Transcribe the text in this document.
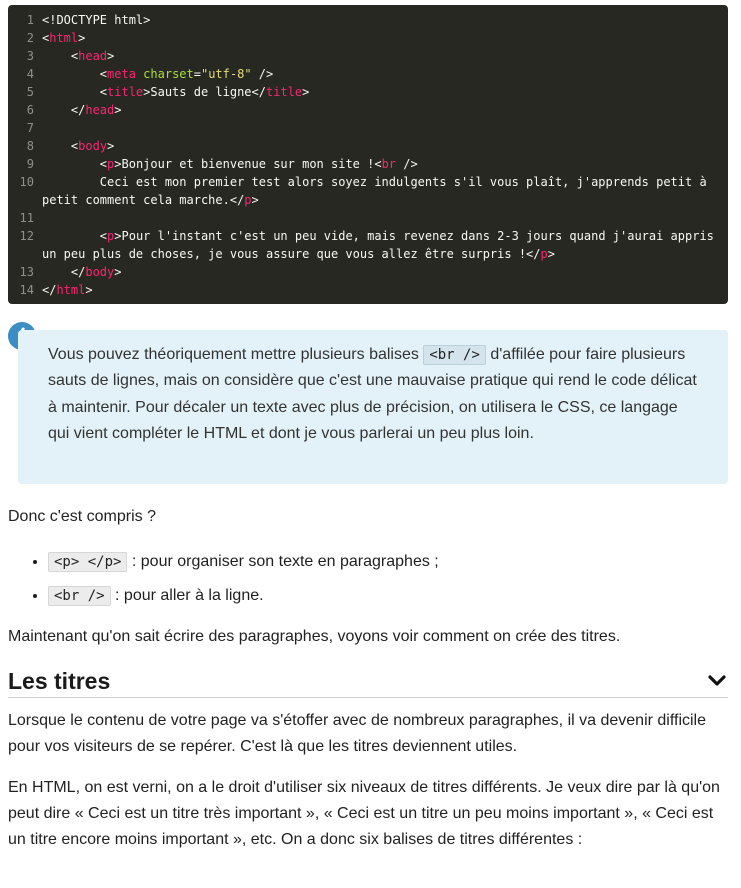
1 <!DOCTYPE html>
2 <html>
3 <head>
4 <meta charset="utf-8" />
5 <title>Sauts de ligne</title>
6 </head>
7
8 <body>
9 <p>Bonjour et bienvenue sur mon site !<br />
10 Ceci est mon premier test alors soyez indulgents s'il vous plaît, j'apprends petit à petit comment cela marche.</p>
11
12 <p>Pour l'instant c'est un peu vide, mais revenez dans 2-3 jours quand j'aurai appris un peu plus de choses, je vous assure que vous allez être surpris !</p>
13 </body>
14 </html>
Vous pouvez théoriquement mettre plusieurs balises <br /> d'affilée pour faire plusieurs sauts de lignes, mais on considère que c'est une mauvaise pratique qui rend le code délicat à maintenir. Pour décaler un texte avec plus de précision, on utilisera le CSS, ce langage qui vient compléter le HTML et dont je vous parlerai un peu plus loin.

Donc c'est compris ?

• <p> </p> : pour organiser son texte en paragraphes ;
• <br /> : pour aller à la ligne.

Maintenant qu'on sait écrire des paragraphes, voyons voir comment on crée des titres.

Les titres

Lorsque le contenu de votre page va s'étoffer avec de nombreux paragraphes, il va devenir difficile pour vos visiteurs de se repérer. C'est là que les titres deviennent utiles.

En HTML, on est verni, on a le droit d'utiliser six niveaux de titres différents. Je veux dire par là qu'on peut dire « Ceci est un titre très important », « Ceci est un titre un peu moins important », « Ceci est un titre encore moins important », etc. On a donc six balises de titres différentes :
